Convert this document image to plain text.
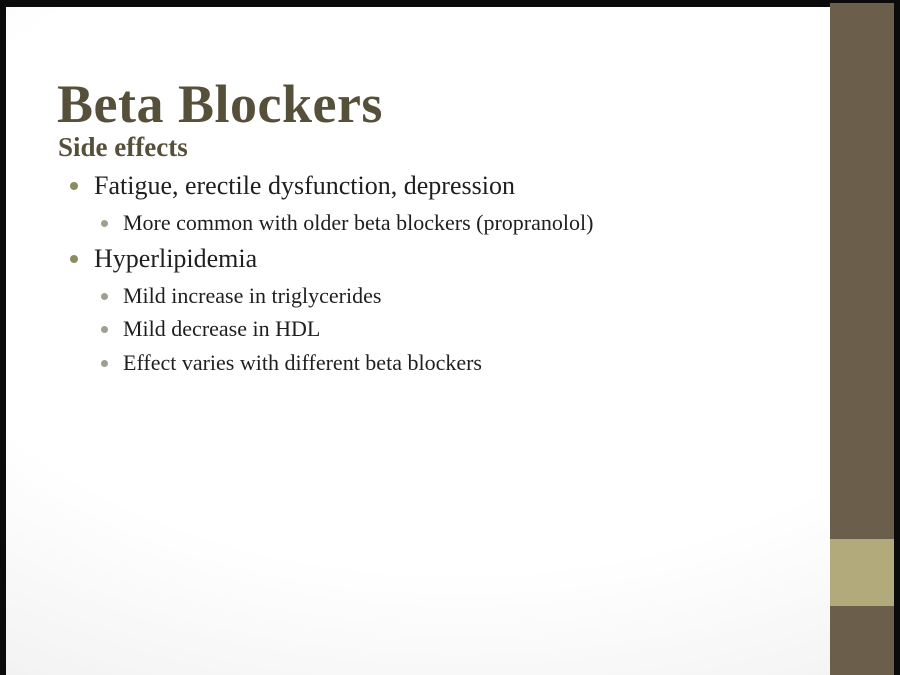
Beta Blockers
Side effects
Fatigue, erectile dysfunction, depression
More common with older beta blockers (propranolol)
Hyperlipidemia
Mild increase in triglycerides
Mild decrease in HDL
Effect varies with different beta blockers
